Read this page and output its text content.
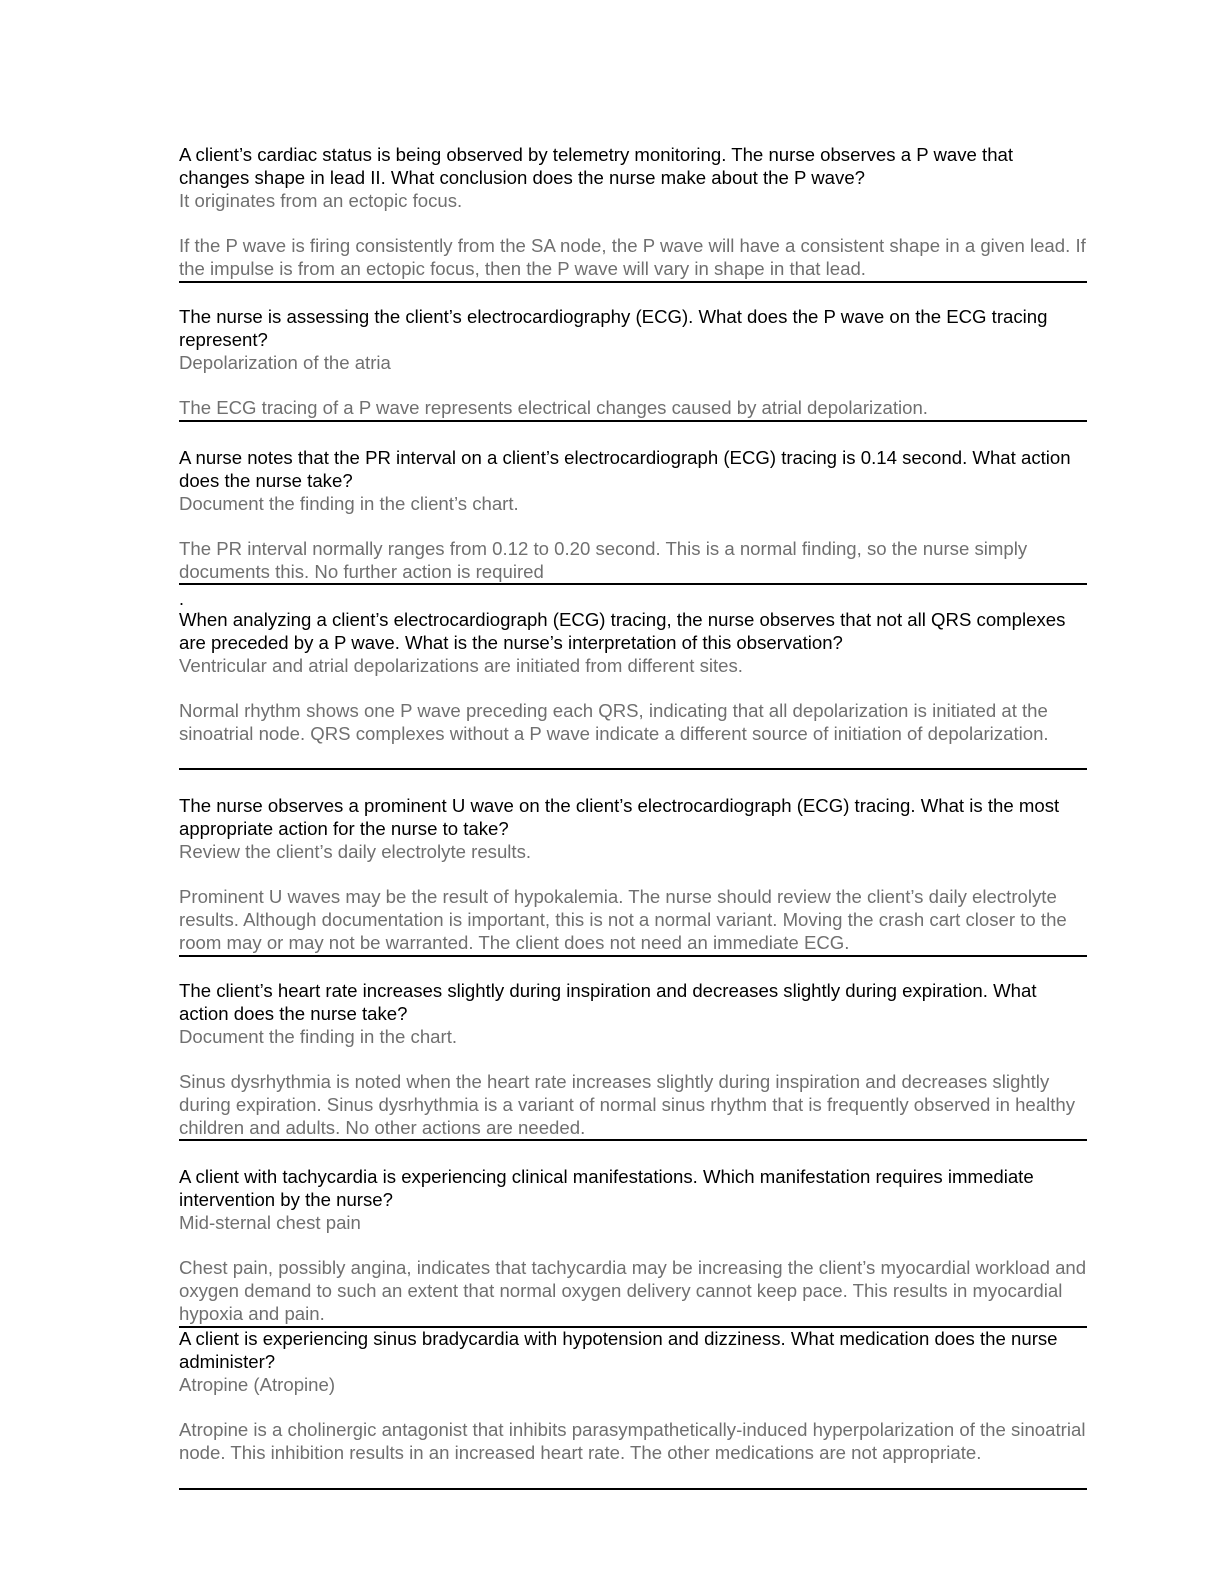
A client’s cardiac status is being observed by telemetry monitoring. The nurse observes a P wave that changes shape in lead II. What conclusion does the nurse make about the P wave?
It originates from an ectopic focus.
If the P wave is firing consistently from the SA node, the P wave will have a consistent shape in a given lead. If the impulse is from an ectopic focus, then the P wave will vary in shape in that lead.
The nurse is assessing the client’s electrocardiography (ECG). What does the P wave on the ECG tracing represent?
Depolarization of the atria
The ECG tracing of a P wave represents electrical changes caused by atrial depolarization.
A nurse notes that the PR interval on a client’s electrocardiograph (ECG) tracing is 0.14 second. What action does the nurse take?
Document the finding in the client’s chart.
The PR interval normally ranges from 0.12 to 0.20 second. This is a normal finding, so the nurse simply documents this. No further action is required
.
When analyzing a client’s electrocardiograph (ECG) tracing, the nurse observes that not all QRS complexes are preceded by a P wave. What is the nurse’s interpretation of this observation?
Ventricular and atrial depolarizations are initiated from different sites.
Normal rhythm shows one P wave preceding each QRS, indicating that all depolarization is initiated at the sinoatrial node. QRS complexes without a P wave indicate a different source of initiation of depolarization.
The nurse observes a prominent U wave on the client’s electrocardiograph (ECG) tracing. What is the most appropriate action for the nurse to take?
Review the client’s daily electrolyte results.
Prominent U waves may be the result of hypokalemia. The nurse should review the client’s daily electrolyte results. Although documentation is important, this is not a normal variant. Moving the crash cart closer to the room may or may not be warranted. The client does not need an immediate ECG.
The client’s heart rate increases slightly during inspiration and decreases slightly during expiration. What action does the nurse take?
Document the finding in the chart.
Sinus dysrhythmia is noted when the heart rate increases slightly during inspiration and decreases slightly during expiration. Sinus dysrhythmia is a variant of normal sinus rhythm that is frequently observed in healthy children and adults. No other actions are needed.
A client with tachycardia is experiencing clinical manifestations. Which manifestation requires immediate intervention by the nurse?
Mid-sternal chest pain
Chest pain, possibly angina, indicates that tachycardia may be increasing the client’s myocardial workload and oxygen demand to such an extent that normal oxygen delivery cannot keep pace. This results in myocardial hypoxia and pain.
A client is experiencing sinus bradycardia with hypotension and dizziness. What medication does the nurse administer?
Atropine (Atropine)
Atropine is a cholinergic antagonist that inhibits parasympathetically-induced hyperpolarization of the sinoatrial node. This inhibition results in an increased heart rate. The other medications are not appropriate.
